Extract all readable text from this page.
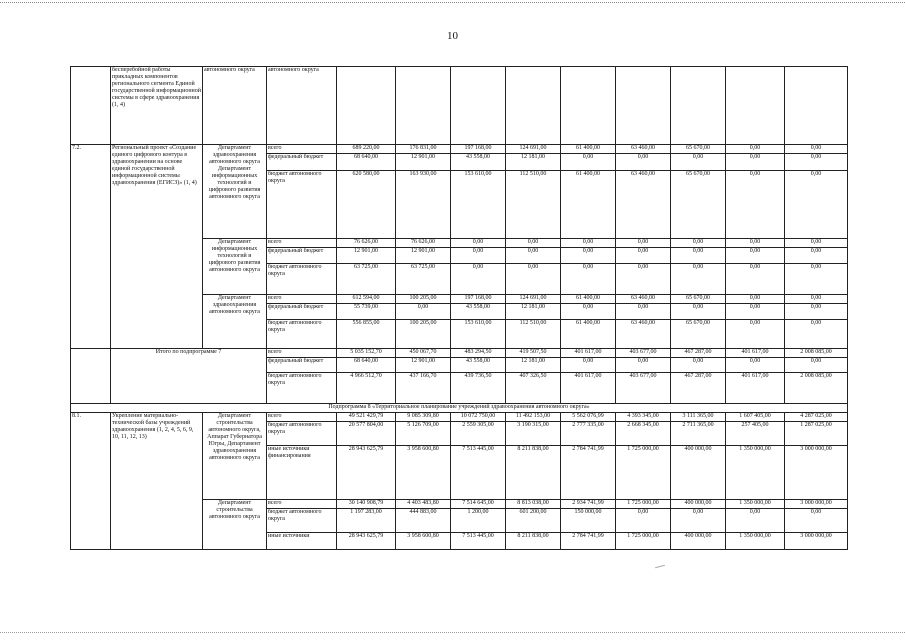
10
	бесперебойной работы прикладных компонентов регионального сегмента Единой государственной информационной системы в сфере здравоохранения (1, 4)	автономного округа	автономного округа									
7.2.	Региональный проект «Создание единого цифрового контура в здравоохранении на основе единой государственной информационной системы здравоохранения (ЕГИСЗ)» (1, 4)	Департамент здравоохранения автономного округа Департамент информационных технологий и цифрового развития автономного округа	всего	689 220,00	176 831,00	197 168,00	124 691,00	61 400,00	63 460,00	65 670,00	0,00	0,00
			федеральный бюджет	68 640,00	12 901,00	43 558,00	12 181,00	0,00	0,00	0,00	0,00	0,00
			бюджет автономного округа	620 580,00	163 930,00	153 610,00	112 510,00	61 400,00	63 460,00	65 670,00	0,00	0,00
		Департамент информационных технологий и цифрового развития автономного округа	всего	76 626,00	76 626,00	0,00	0,00	0,00	0,00	0,00	0,00	0,00
			федеральный бюджет	12 901,00	12 901,00	0,00	0,00	0,00	0,00	0,00	0,00	0,00
			бюджет автономного округа	63 725,00	63 725,00	0,00	0,00	0,00	0,00	0,00	0,00	0,00
		Департамент здравоохранения автономного округа	всего	612 594,00	100 205,00	197 168,00	124 691,00	61 400,00	63 460,00	65 670,00	0,00	0,00
			федеральный бюджет	55 739,00	0,00	43 558,00	12 181,00	0,00	0,00	0,00	0,00	0,00
			бюджет автономного округа	556 855,00	100 205,00	153 610,00	112 510,00	61 400,00	63 460,00	65 670,00	0,00	0,00
	Итого по подпрограмме 7		всего	5 035 152,70	450 067,70	483 294,50	419 507,50	401 617,00	403 677,00	467 287,00	401 617,00	2 008 085,00
			федеральный бюджет	68 640,00	12 901,00	43 558,00	12 181,00	0,00	0,00	0,00	0,00	0,00
			бюджет автономного округа	4 966 512,70	437 166,70	439 736,50	407 326,50	401 617,00	403 677,00	467 287,00	401 617,00	2 008 085,00
Подпрограмма 8 «Территориальное планирование учреждений здравоохранения автономного округа»												
8.1.	Укрепление материально-технической базы учреждений здравоохранения (1, 2, 4, 5, 6, 9, 10, 11, 12, 13)	Департамент строительства автономного округа, Аппарат Губернатора Югры, Департамент здравоохранения автономного округа	всего	49 521 429,79	9 085 309,80	10 072 750,00	11 492 153,00	5 562 076,99	4 393 345,00	3 111 365,00	1 607 405,00	4 287 025,00
			бюджет автономного округа	20 577 804,00	5 126 709,00	2 559 305,00	3 190 315,00	2 777 335,00	2 668 345,00	2 711 365,00	257 405,00	1 287 025,00
			иные источники финансирования	28 943 625,79	3 958 600,80	7 513 445,00	8 211 838,00	2 784 741,99	1 725 000,00	400 000,00	1 350 000,00	3 000 000,00
		Департамент строительства автономного округа	всего	30 140 908,79	4 403 483,80	7 514 645,00	8 813 038,00	2 934 741,99	1 725 000,00	400 000,00	1 350 000,00	3 000 000,00
			бюджет автономного округа	1 197 283,00	444 883,00	1 200,00	601 200,00	150 000,00	0,00	0,00	0,00	0,00
			иные источники	28 943 625,79	3 958 600,80	7 513 445,00	8 211 838,00	2 784 741,99	1 725 000,00	400 000,00	1 350 000,00	3 000 000,00
